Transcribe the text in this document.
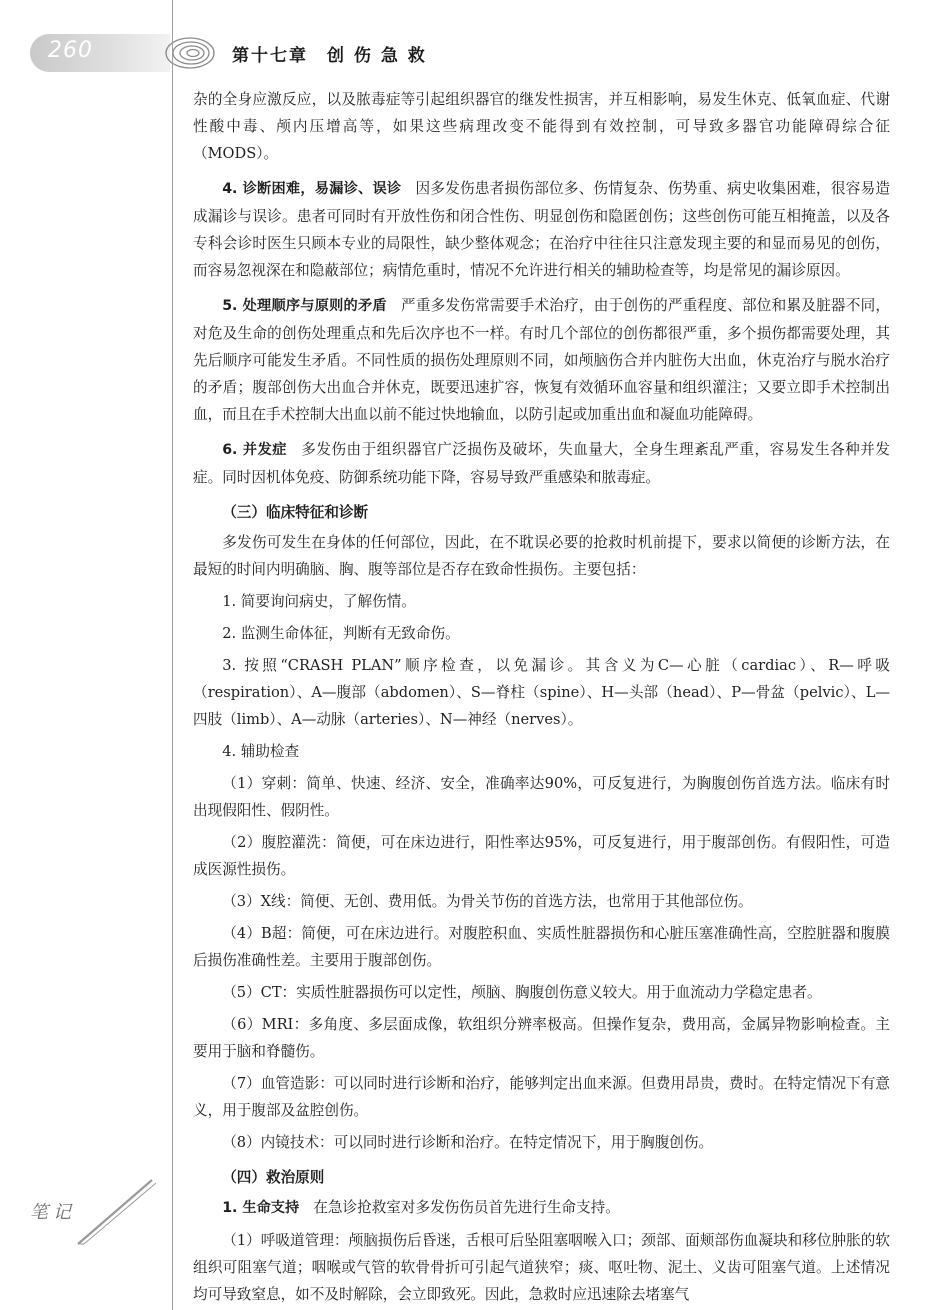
260	第十七章　创 伤 急 救

杂的全身应激反应，以及脓毒症等引起组织器官的继发性损害，并互相影响，易发生休克、低氧血症、代谢性酸中毒、颅内压增高等，如果这些病理改变不能得到有效控制，可导致多器官功能障碍综合征（MODS）。

4. 诊断困难，易漏诊、误诊 因多发伤患者损伤部位多、伤情复杂、伤势重、病史收集困难，很容易造成漏诊与误诊。患者可同时有开放性伤和闭合性伤、明显创伤和隐匿创伤；这些创伤可能互相掩盖，以及各专科会诊时医生只顾本专业的局限性，缺少整体观念；在治疗中往往只注意发现主要的和显而易见的创伤，而容易忽视深在和隐蔽部位；病情危重时，情况不允许进行相关的辅助检查等，均是常见的漏诊原因。

5. 处理顺序与原则的矛盾 严重多发伤常需要手术治疗，由于创伤的严重程度、部位和累及脏器不同，对危及生命的创伤处理重点和先后次序也不一样。有时几个部位的创伤都很严重，多个损伤都需要处理，其先后顺序可能发生矛盾。不同性质的损伤处理原则不同，如颅脑伤合并内脏伤大出血，休克治疗与脱水治疗的矛盾；腹部创伤大出血合并休克，既要迅速扩容，恢复有效循环血容量和组织灌注；又要立即手术控制出血，而且在手术控制大出血以前不能过快地输血，以防引起或加重出血和凝血功能障碍。

6. 并发症 多发伤由于组织器官广泛损伤及破坏，失血量大，全身生理紊乱严重，容易发生各种并发症。同时因机体免疫、防御系统功能下降，容易导致严重感染和脓毒症。

（三）临床特征和诊断

多发伤可发生在身体的任何部位，因此，在不耽误必要的抢救时机前提下，要求以简便的诊断方法，在最短的时间内明确脑、胸、腹等部位是否存在致命性损伤。主要包括：

1. 简要询问病史，了解伤情。

2. 监测生命体征，判断有无致命伤。

3. 按照“CRASH PLAN”顺序检查，以免漏诊。其含义为C—心脏（cardiac）、R—呼吸（respiration）、A—腹部（abdomen）、S—脊柱（spine）、H—头部（head）、P—骨盆（pelvic）、L—四肢（limb）、A—动脉（arteries）、N—神经（nerves）。

4. 辅助检查

（1）穿刺：简单、快速、经济、安全，准确率达90%，可反复进行，为胸腹创伤首选方法。临床有时出现假阳性、假阴性。

（2）腹腔灌洗：简便，可在床边进行，阳性率达95%，可反复进行，用于腹部创伤。有假阳性，可造成医源性损伤。

（3）X线：简便、无创、费用低。为骨关节伤的首选方法，也常用于其他部位伤。

（4）B超：简便，可在床边进行。对腹腔积血、实质性脏器损伤和心脏压塞准确性高，空腔脏器和腹膜后损伤准确性差。主要用于腹部创伤。

（5）CT：实质性脏器损伤可以定性，颅脑、胸腹创伤意义较大。用于血流动力学稳定患者。

（6）MRI：多角度、多层面成像，软组织分辨率极高。但操作复杂，费用高，金属异物影响检查。主要用于脑和脊髓伤。

（7）血管造影：可以同时进行诊断和治疗，能够判定出血来源。但费用昂贵，费时。在特定情况下有意义，用于腹部及盆腔创伤。

（8）内镜技术：可以同时进行诊断和治疗。在特定情况下，用于胸腹创伤。

（四）救治原则

1. 生命支持 在急诊抢救室对多发伤伤员首先进行生命支持。

（1）呼吸道管理：颅脑损伤后昏迷，舌根可后坠阻塞咽喉入口；颈部、面颊部伤血凝块和移位肿胀的软组织可阻塞气道；咽喉或气管的软骨骨折可引起气道狭窄；痰、呕吐物、泥土、义齿可阻塞气道。上述情况均可导致窒息，如不及时解除，会立即致死。因此，急救时应迅速除去堵塞气

笔记
